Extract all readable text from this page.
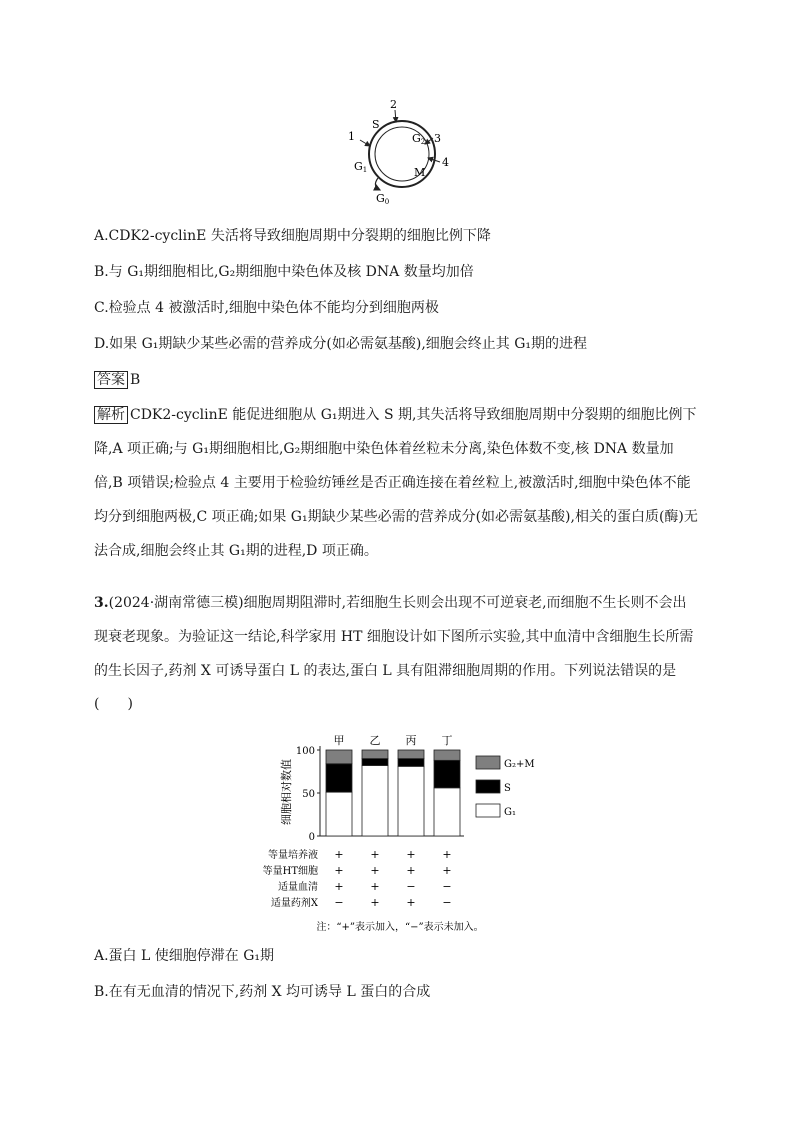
1
2
3
4
S
G2
M
G1
G0
A.CDK2-cyclinE 失活将导致细胞周期中分裂期的细胞比例下降
B.与 G₁期细胞相比,G₂期细胞中染色体及核 DNA 数量均加倍
C.检验点 4 被激活时,细胞中染色体不能均分到细胞两极
D.如果 G₁期缺少某些必需的营养成分(如必需氨基酸),细胞会终止其 G₁期的进程
答案 B

解析 CDK2-cyclinE 能促进细胞从 G₁期进入 S 期,其失活将导致细胞周期中分裂期的细胞比例下降,A 项正确;与 G₁期细胞相比,G₂期细胞中染色体着丝粒未分离,染色体数不变,核 DNA 数量加倍,B 项错误;检验点 4 主要用于检验纺锤丝是否正确连接在着丝粒上,被激活时,细胞中染色体不能均分到细胞两极,C 项正确;如果 G₁期缺少某些必需的营养成分(如必需氨基酸),相关的蛋白质(酶)无法合成,细胞会终止其 G₁期的进程,D 项正确。

3.(2024·湖南常德三模)细胞周期阻滞时,若细胞生长则会出现不可逆衰老,而细胞不生长则不会出现衰老现象。为验证这一结论,科学家用 HT 细胞设计如下图所示实验,其中血清中含细胞生长所需的生长因子,药剂 X 可诱导蛋白 L 的表达,蛋白 L 具有阻滞细胞周期的作用。下列说法错误的是

(　　)
细胞相对数值
0
50
100
甲 乙 丙 丁
G₂+M
S
G₁
等量培养液 + + + +
等量HT细胞 + + + +
适量血清 + + − −
适量药剂X − + + −
注：“+”表示加入，“−”表示未加入。
A.蛋白 L 使细胞停滞在 G₁期
B.在有无血清的情况下,药剂 X 均可诱导 L 蛋白的合成
